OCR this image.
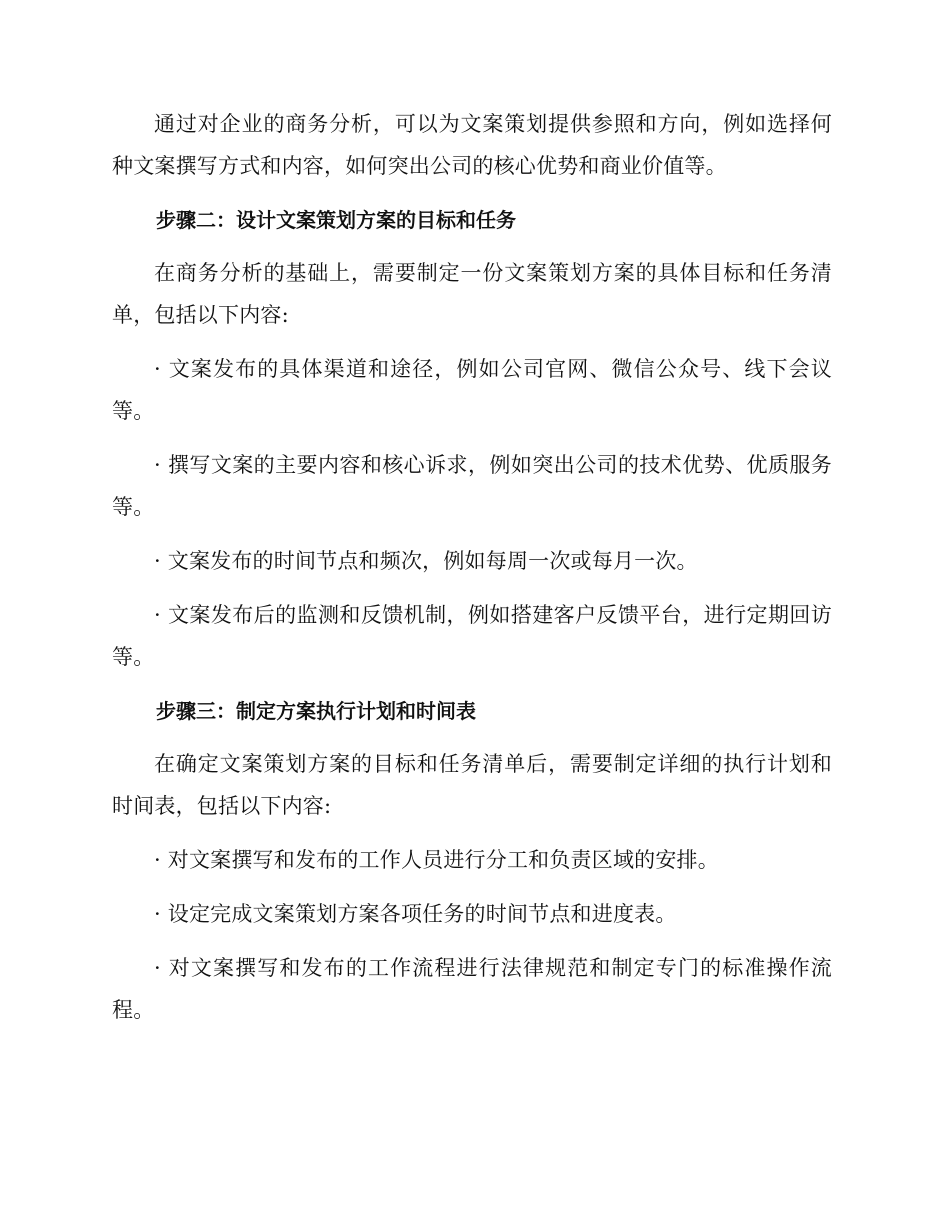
通过对企业的商务分析，可以为文案策划提供参照和方向，例如选择何种文案撰写方式和内容，如何突出公司的核心优势和商业价值等。

步骤二：设计文案策划方案的目标和任务

在商务分析的基础上，需要制定一份文案策划方案的具体目标和任务清单，包括以下内容:

· 文案发布的具体渠道和途径，例如公司官网、微信公众号、线下会议等。

· 撰写文案的主要内容和核心诉求，例如突出公司的技术优势、优质服务等。

· 文案发布的时间节点和频次，例如每周一次或每月一次。

· 文案发布后的监测和反馈机制，例如搭建客户反馈平台，进行定期回访等。

步骤三：制定方案执行计划和时间表

在确定文案策划方案的目标和任务清单后，需要制定详细的执行计划和时间表，包括以下内容:

· 对文案撰写和发布的工作人员进行分工和负责区域的安排。

· 设定完成文案策划方案各项任务的时间节点和进度表。

· 对文案撰写和发布的工作流程进行法律规范和制定专门的标准操作流程。
